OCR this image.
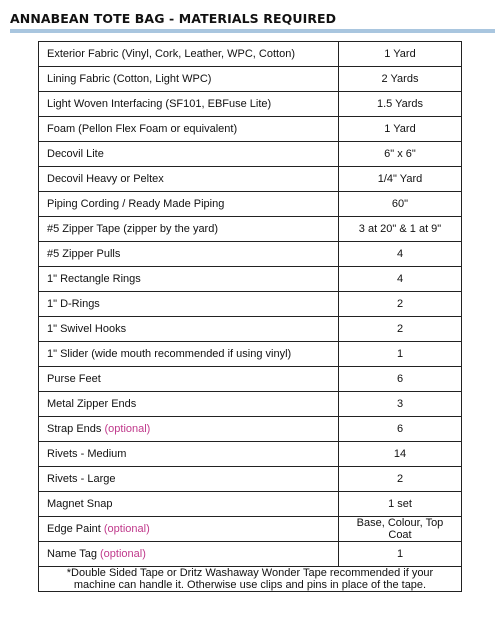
ANNABEAN TOTE BAG - MATERIALS REQUIRED
Exterior Fabric (Vinyl, Cork, Leather, WPC, Cotton)	1 Yard
Lining Fabric (Cotton, Light WPC)	2 Yards
Light Woven Interfacing (SF101, EBFuse Lite)	1.5 Yards
Foam (Pellon Flex Foam or equivalent)	1 Yard
Decovil Lite	6" x 6"
Decovil Heavy or Peltex	1/4" Yard
Piping Cording / Ready Made Piping	60"
#5 Zipper Tape (zipper by the yard)	3 at 20" & 1 at 9"
#5 Zipper Pulls	4
1" Rectangle Rings	4
1" D-Rings	2
1" Swivel Hooks	2
1" Slider (wide mouth recommended if using vinyl)	1
Purse Feet	6
Metal Zipper Ends	3
Strap Ends (optional)	6
Rivets - Medium	14
Rivets - Large	2
Magnet Snap	1 set
Edge Paint (optional)	Base, Colour, Top Coat
Name Tag (optional)	1
*Double Sided Tape or Dritz Washaway Wonder Tape recommended if your machine can handle it. Otherwise use clips and pins in place of the tape.	
